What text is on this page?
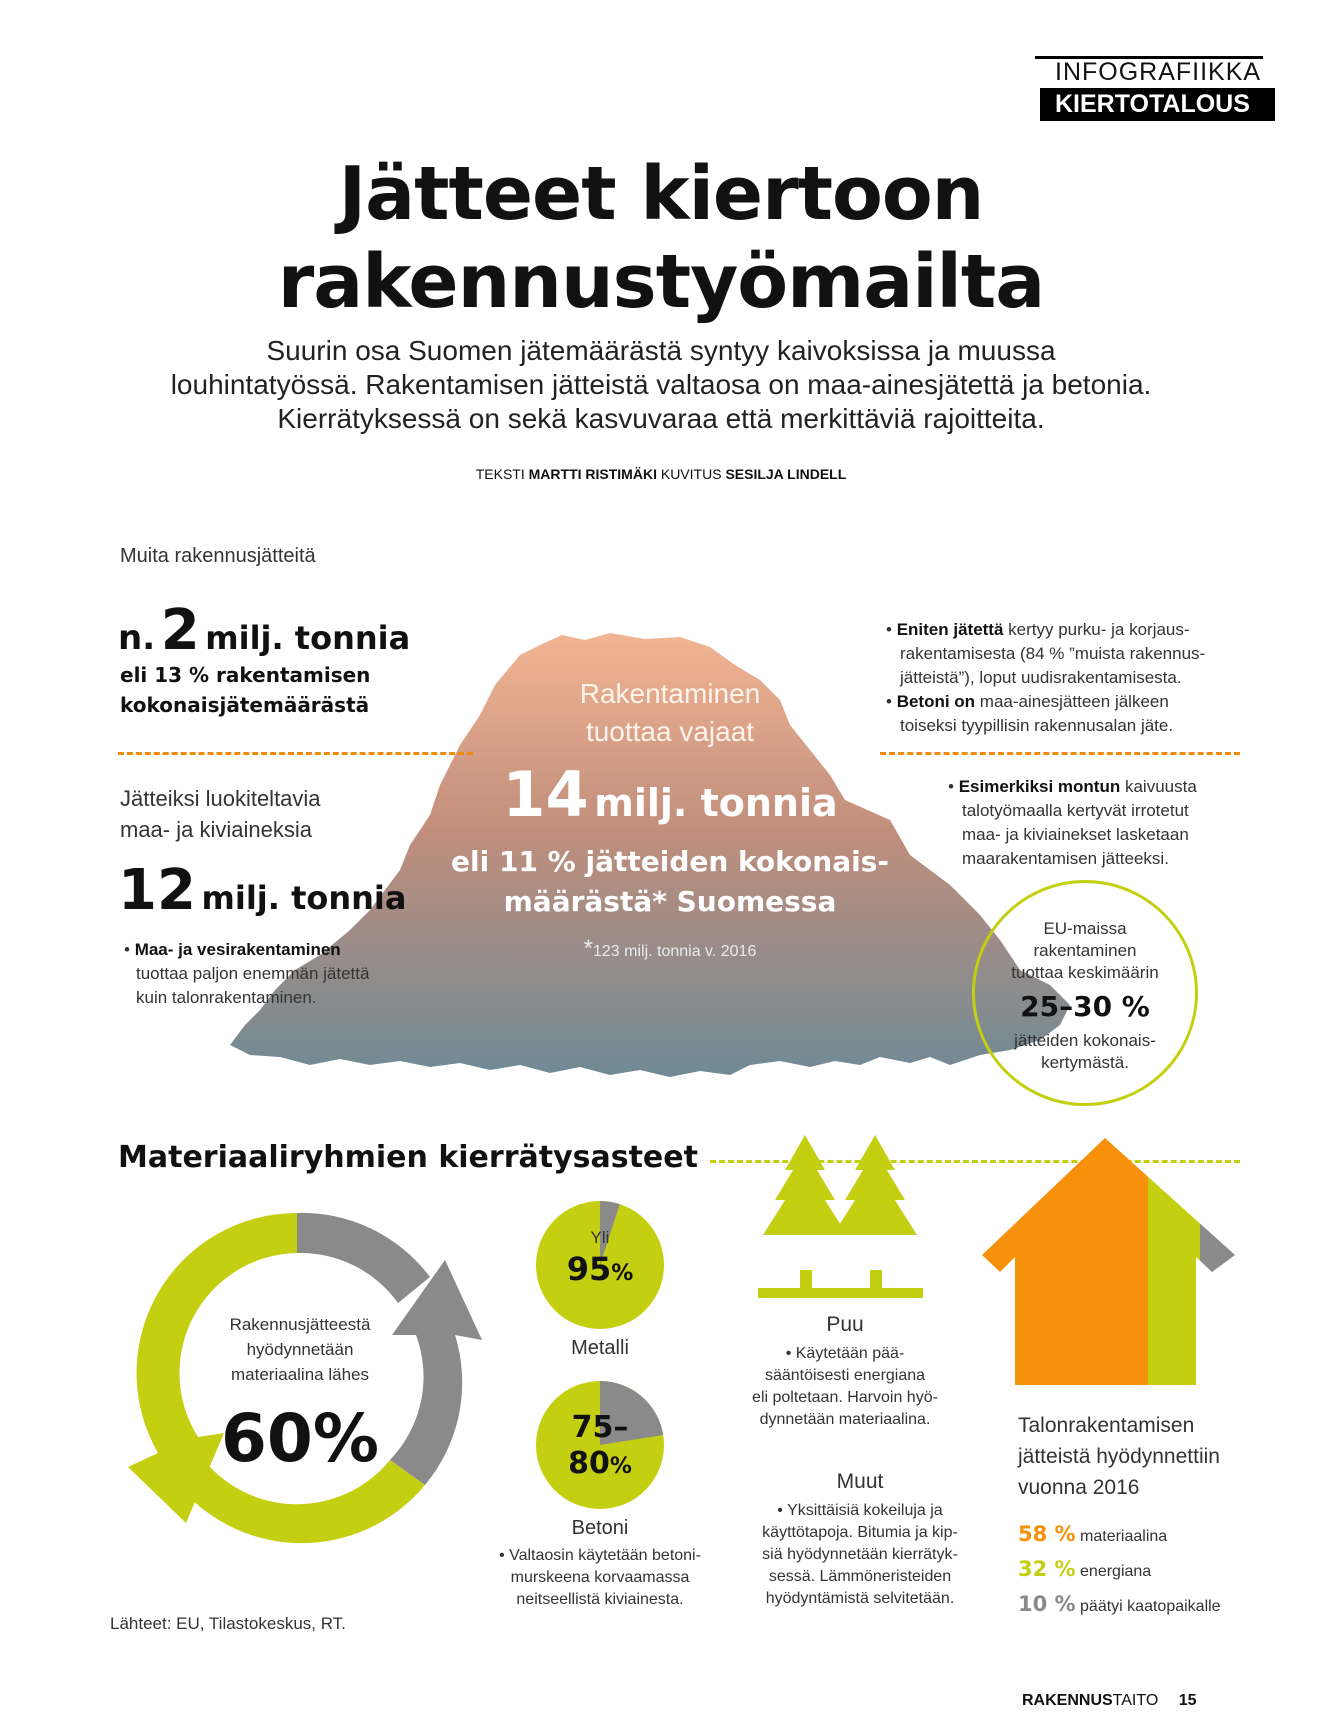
INFOGRAFIIKKA
KIERTOTALOUS
Jätteet kiertoon
rakennustyömailta
Suurin osa Suomen jätemäärästä syntyy kaivoksissa ja muussa
louhintatyössä. Rakentamisen jätteistä valtaosa on maa-ainesjätettä ja betonia.
Kierrätyksessä on sekä kasvuvaraa että merkittäviä rajoitteita.
TEKSTI MARTTI RISTIMÄKI KUVITUS SESILJA LINDELL
Muita rakennusjätteitä
n. 2 milj. tonnia
eli 13 % rakentamisen
kokonaisjätemäärästä
Jätteiksi luokiteltavia
maa- ja kiviaineksia
12 milj. tonnia
• Maa- ja vesirakentaminen
tuottaa paljon enemmän jätettä
kuin talonrakentaminen.
Rakentaminen
tuottaa vajaat
14 milj. tonnia
eli 11 % jätteiden kokonais-
määrästä* Suomessa
*123 milj. tonnia v. 2016
• Eniten jätettä kertyy purku- ja korjaus-
rakentamisesta (84 % ”muista rakennus-
jätteistä”), loput uudisrakentamisesta.
• Betoni on maa-ainesjätteen jälkeen
toiseksi tyypillisin rakennusalan jäte.
• Esimerkiksi montun kaivuusta
talotyömaalla kertyvät irrotetut
maa- ja kiviainekset lasketaan
maarakentamisen jätteeksi.
EU-maissa
rakentaminen
tuottaa keskimäärin
25–30 %
jätteiden kokonais-
kertymästä.
Materiaaliryhmien kierrätysasteet
Rakennusjätteestä
hyödynnetään
materiaalina lähes
60%
Yli
95%
Metalli
75–
80%
Betoni
• Valtaosin käytetään betoni-
murskeena korvaamassa
neitseellistä kiviainesta.
Puu
• Käytetään pää-
sääntöisesti energiana
eli poltetaan. Harvoin hyö-
dynnetään materiaalina.
Muut
• Yksittäisiä kokeiluja ja
käyttötapoja. Bitumia ja kip-
siä hyödynnetään kierrätyk-
sessä. Lämmöneristeiden
hyödyntämistä selvitetään.
Talonrakentamisen
jätteistä hyödynnettiin
vuonna 2016
58 % materiaalina
32 % energiana
10 % päätyi kaatopaikalle
Lähteet: EU, Tilastokeskus, RT.
RAKENNUSTAITO 15
